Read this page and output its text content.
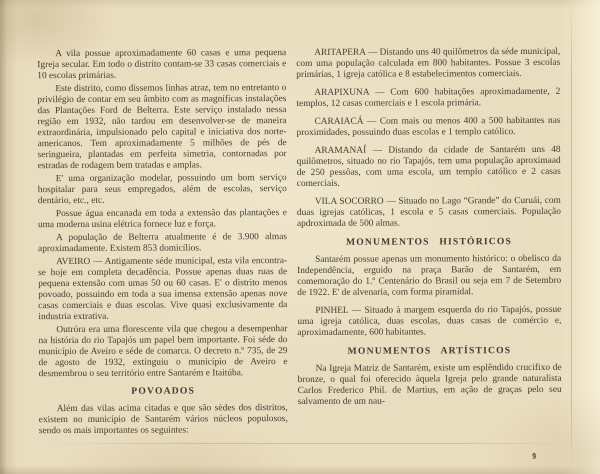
A vila possue aproximadamente 60 casas e uma pequena Igreja secular. Em todo o distrito contam-se 33 casas comerciais e 10 escolas primárias.
Este distrito, como dissemos linhas atraz, tem no entretanto o privilégio de contar em seu âmbito com as magníficas instalações das Plantações Ford de Belterra. Este serviço instalado nessa região em 1932, não tardou em desenvolver-se de maneira extraordinária, impulsionado pelo capital e iniciativa dos norte-americanos. Tem aproximadamente 5 milhões de pés de seringueira, plantadas em perfeita simetria, contornadas por estradas de rodagem bem tratadas e amplas.
E' uma organização modelar, possuindo um bom serviço hospitalar para seus empregados, além de escolas, serviço dentário, etc., etc.
Possue água encanada em toda a extensão das plantações e uma moderna usina elétrica fornece luz e força.
A população de Belterra atualmente é de 3.900 almas aproximadamente. Existem 853 domicílios.
AVEIRO — Antigamente séde municipal, esta vila encontra-se hoje em completa decadência. Possue apenas duas ruas de pequena extensão com umas 50 ou 60 casas. E' o distrito menos povoado, possuindo em toda a sua imensa extensão apenas nove casas comerciais e duas escolas. Vive quasi exclusivamente da industria extrativa.
Outróra era uma florescente vila que chegou a desempenhar na história do rio Tapajós um papel bem importante. Foi séde do município de Aveiro e séde de comarca. O decreto n.º 735, de 29 de agosto de 1932, extinguiu o município de Aveiro e desmembrou o seu território entre Santarém e Itaitúba.
POVOADOS
Além das vilas acima citadas e que são sèdes dos distritos, existem no município de Santarém vários núcleos populosos, sendo os mais importantes os seguintes:
ARITAPÉRA — Distando uns 40 quilômetros da séde municipal, com uma população calculada em 800 habitantes. Possue 3 escolas primárias, 1 igreja católica e 8 estabelecimentos comerciais.
ARAPIXUNA — Com 600 habitações aproximadamente, 2 templos, 12 casas comerciais e 1 escola primária.
CARAIACÁ — Com mais ou menos 400 a 500 habitantes nas proximidades, possuindo duas escolas e 1 templo católico.
ARAMANAÍ — Distando da cidade de Santarém uns 48 quilômetros, situado no rio Tapajós, tem uma população aproximaad de 250 pessôas, com uma escola, um templo católico e 2 casas comerciais.
VILA SOCORRO — Situado no Lago “Grande” do Curuái, com duas igrejas católicas, 1 escola e 5 casas comerciais. População apdroximada de 500 almas.
MONUMENTOS HISTÓRICOS
Santarém possue apenas um monumento histórico: o obelisco da Independência, erguido na praça Barão de Santarém, em comemoração do 1.º Centenário do Brasil ou seja em 7 de Setembro de 1922. E' de alvenaria, com forma piramidal.
PINHEL — Situado à margem esquerda do rio Tapajós, possue uma igreja católica, duas escolas, duas casas de comércio e, aproximadamente, 600 habitantes.
MONUMENTOS ARTÍSTICOS
Na Igreja Matriz de Santarém, existe um esplêndido crucifixo de bronze, o qual foi oferecido àquela Igreja pelo grande naturalista Carlos Frederico Phil. de Martius, em ação de graças pelo seu salvamento de um nau-
9
